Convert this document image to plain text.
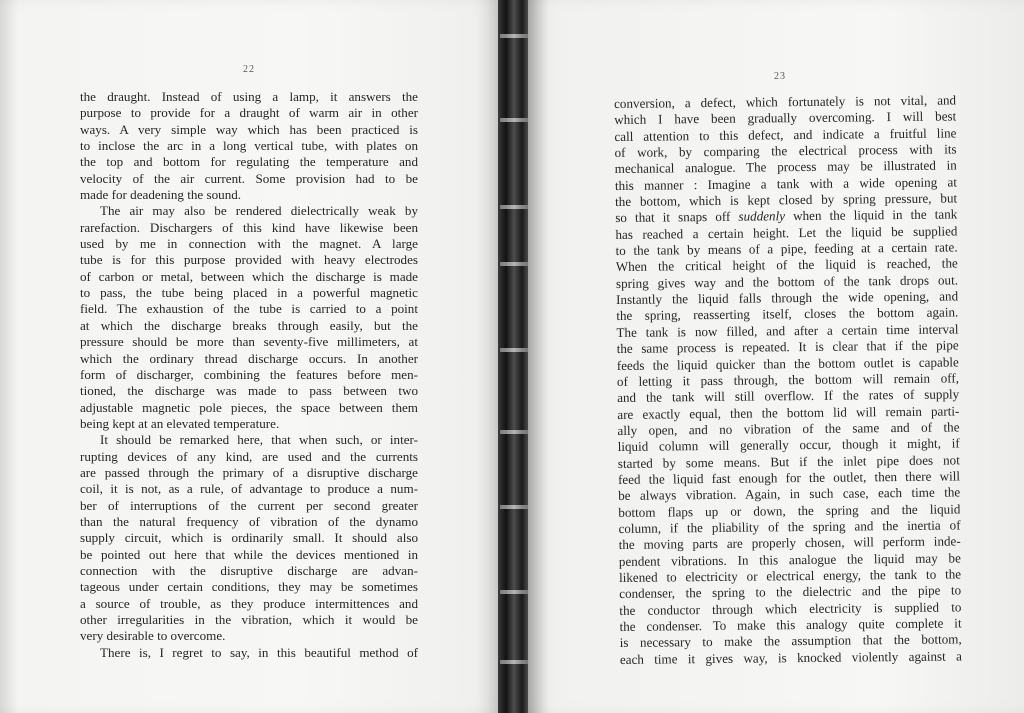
22
the draught. Instead of using a lamp, it answers the
purpose to provide for a draught of warm air in other
ways. A very simple way which has been practiced is
to inclose the arc in a long vertical tube, with plates on
the top and bottom for regulating the temperature and
velocity of the air current. Some provision had to be
made for deadening the sound.
The air may also be rendered dielectrically weak by
rarefaction. Dischargers of this kind have likewise been
used by me in connection with the magnet. A large
tube is for this purpose provided with heavy electrodes
of carbon or metal, between which the discharge is made
to pass, the tube being placed in a powerful magnetic
field. The exhaustion of the tube is carried to a point
at which the discharge breaks through easily, but the
pressure should be more than seventy-five millimeters, at
which the ordinary thread discharge occurs. In another
form of discharger, combining the features before men-
tioned, the discharge was made to pass between two
adjustable magnetic pole pieces, the space between them
being kept at an elevated temperature.
It should be remarked here, that when such, or inter-
rupting devices of any kind, are used and the currents
are passed through the primary of a disruptive discharge
coil, it is not, as a rule, of advantage to produce a num-
ber of interruptions of the current per second greater
than the natural frequency of vibration of the dynamo
supply circuit, which is ordinarily small. It should also
be pointed out here that while the devices mentioned in
connection with the disruptive discharge are advan-
tageous under certain conditions, they may be sometimes
a source of trouble, as they produce intermittences and
other irregularities in the vibration, which it would be
very desirable to overcome.
There is, I regret to say, in this beautiful method of
23
conversion, a defect, which fortunately is not vital, and
which I have been gradually overcoming. I will best
call attention to this defect, and indicate a fruitful line
of work, by comparing the electrical process with its
mechanical analogue. The process may be illustrated in
this manner : Imagine a tank with a wide opening at
the bottom, which is kept closed by spring pressure, but
so that it snaps off suddenly when the liquid in the tank
has reached a certain height. Let the liquid be supplied
to the tank by means of a pipe, feeding at a certain rate.
When the critical height of the liquid is reached, the
spring gives way and the bottom of the tank drops out.
Instantly the liquid falls through the wide opening, and
the spring, reasserting itself, closes the bottom again.
The tank is now filled, and after a certain time interval
the same process is repeated. It is clear that if the pipe
feeds the liquid quicker than the bottom outlet is capable
of letting it pass through, the bottom will remain off,
and the tank will still overflow. If the rates of supply
are exactly equal, then the bottom lid will remain parti-
ally open, and no vibration of the same and of the
liquid column will generally occur, though it might, if
started by some means. But if the inlet pipe does not
feed the liquid fast enough for the outlet, then there will
be always vibration. Again, in such case, each time the
bottom flaps up or down, the spring and the liquid
column, if the pliability of the spring and the inertia of
the moving parts are properly chosen, will perform inde-
pendent vibrations. In this analogue the liquid may be
likened to electricity or electrical energy, the tank to the
condenser, the spring to the dielectric and the pipe to
the conductor through which electricity is supplied to
the condenser. To make this analogy quite complete it
is necessary to make the assumption that the bottom,
each time it gives way, is knocked violently against a
